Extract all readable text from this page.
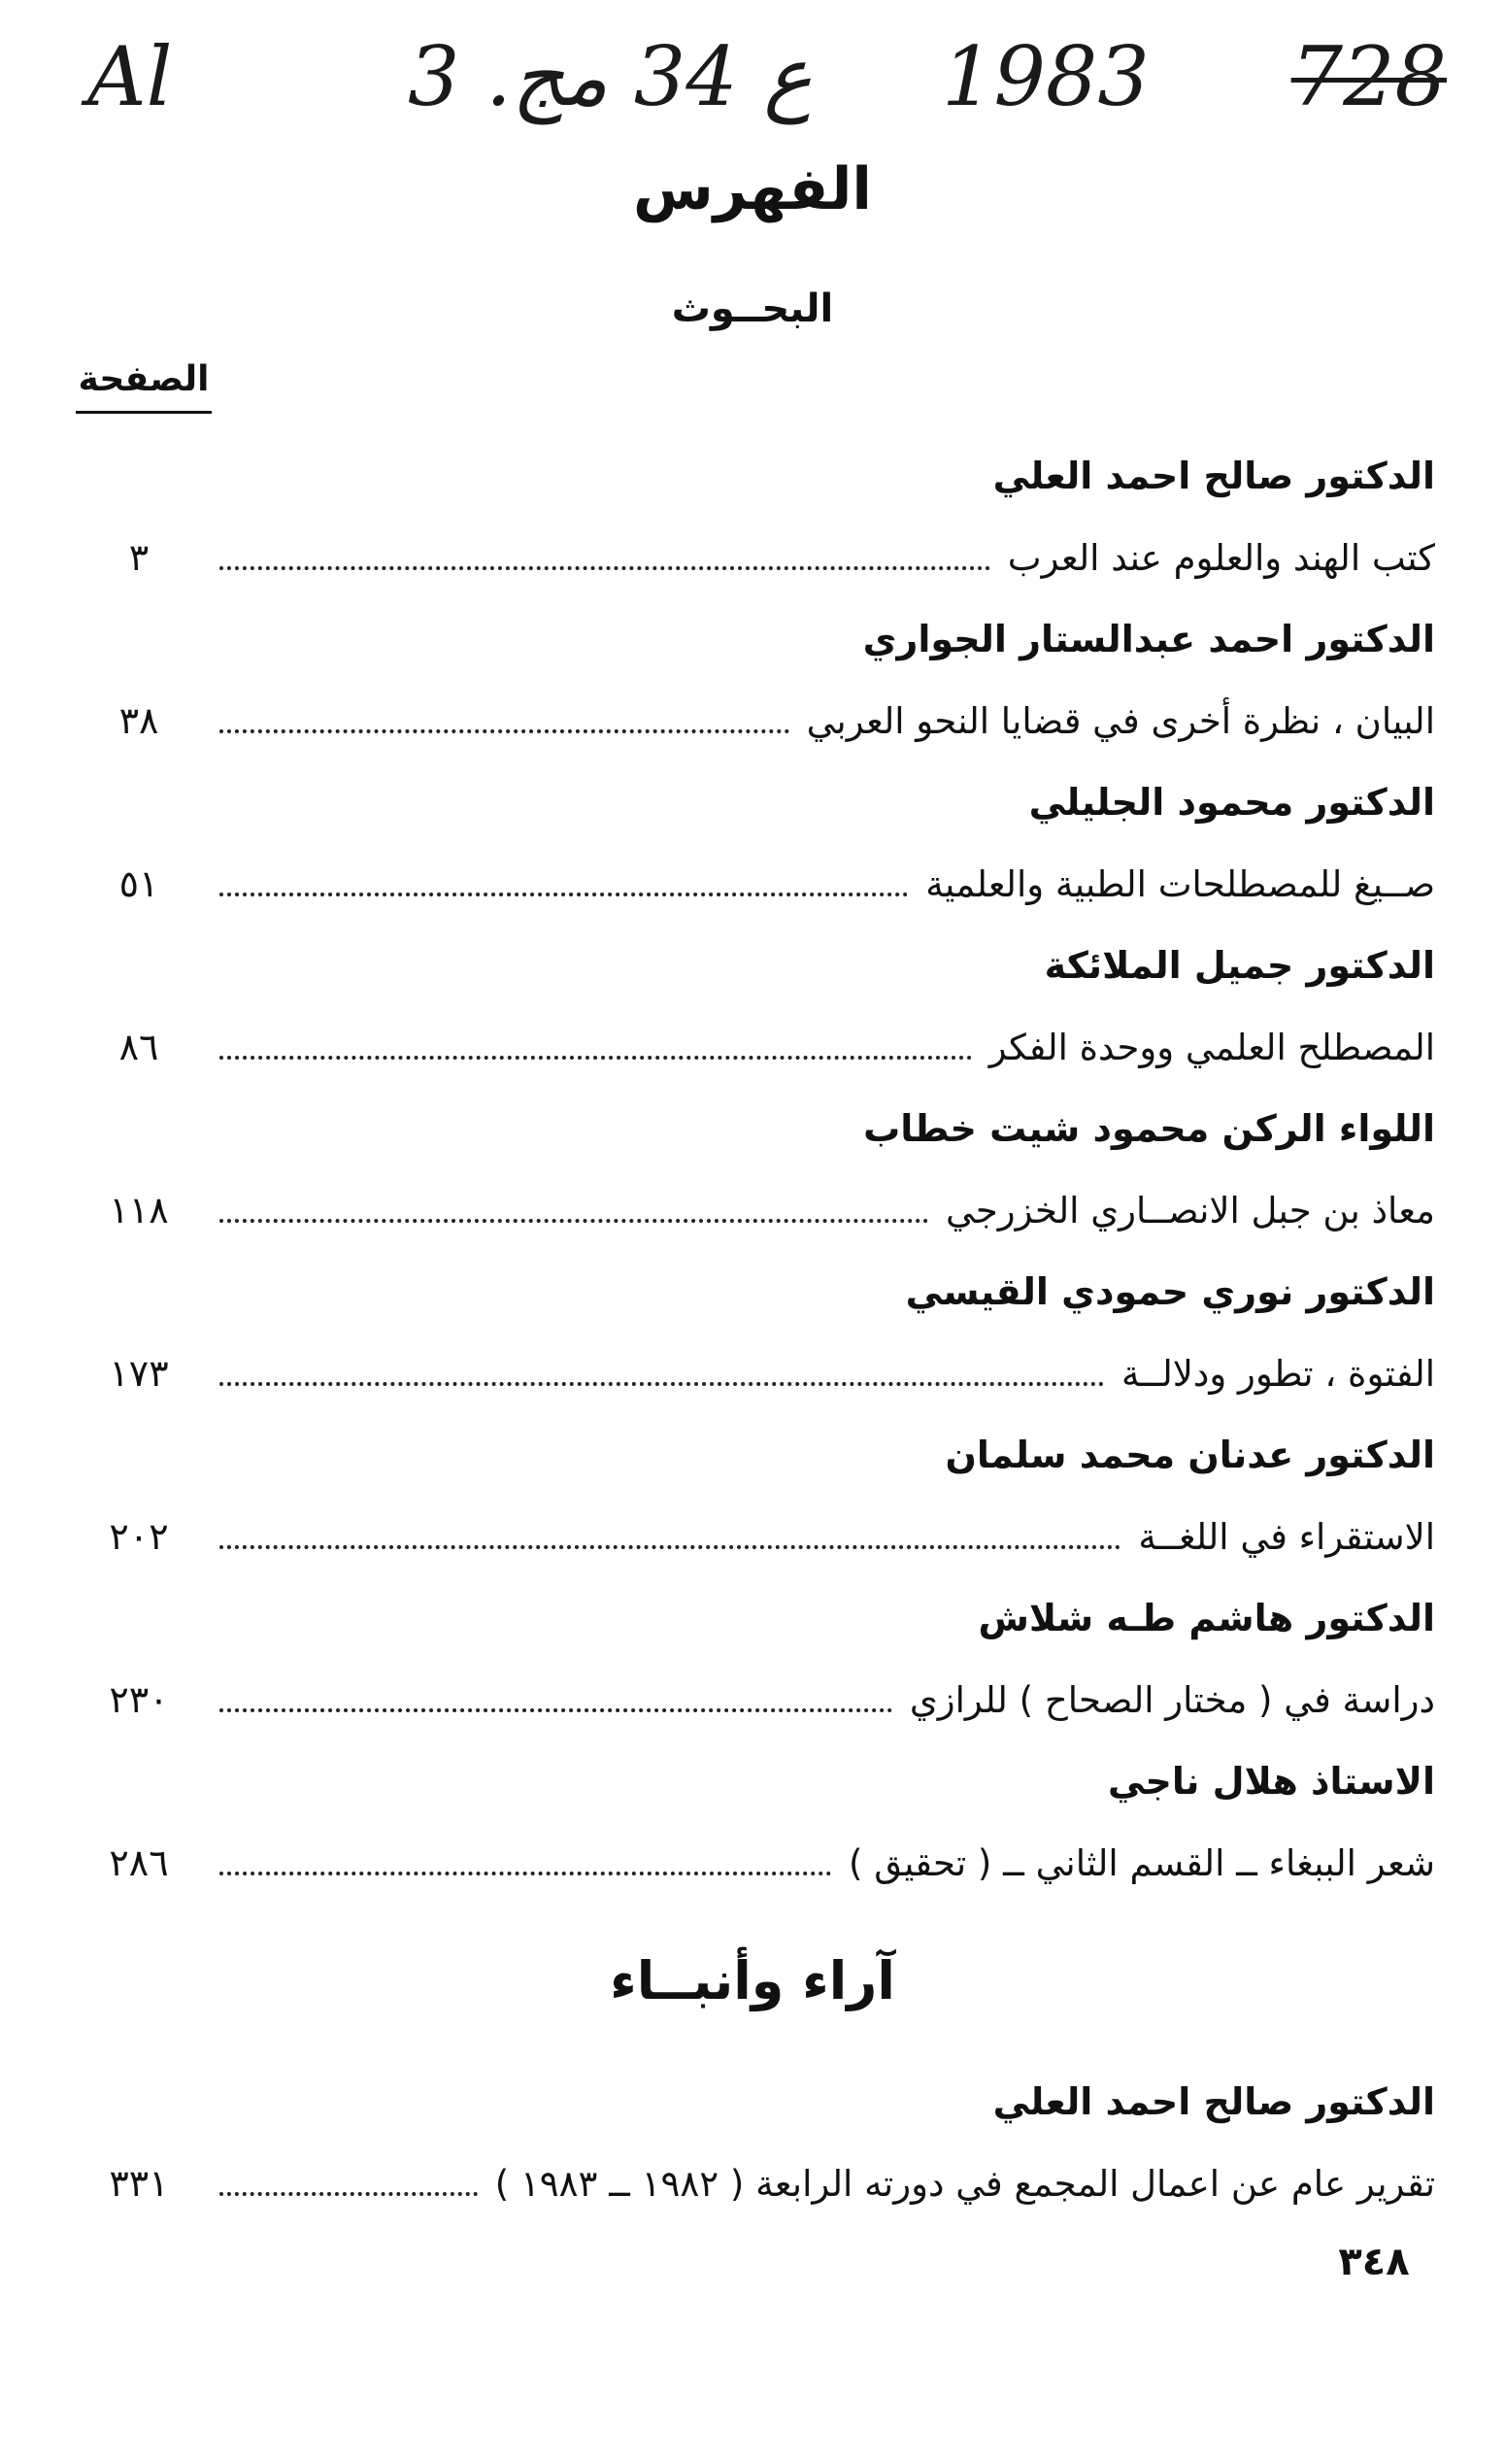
Al	3 .ع 34 مج 1983 728
الفهرس
البحــوث
الصفحة
الدكتور صالح احمد العلي
كتب الهند والعلوم عند العرب
٣
الدكتور احمد عبدالستار الجواري
البيان ، نظرة أخرى في قضايا النحو العربي
٣٨
الدكتور محمود الجليلي
صــيغ للمصطلحات الطبية والعلمية
٥١
الدكتور جميل الملائكة
المصطلح العلمي ووحدة الفكر
٨٦
اللواء الركن محمود شيت خطاب
معاذ بن جبل الانصــاري الخزرجي
١١٨
الدكتور نوري حمودي القيسي
الفتوة ، تطور ودلالــة
١٧٣
الدكتور عدنان محمد سلمان
الاستقراء في اللغــة
٢٠٢
الدكتور هاشم طـه شلاش
دراسة في ( مختار الصحاح ) للرازي
٢٣٠
الاستاذ هلال ناجي
شعر الببغاء ــ القسم الثاني ــ ( تحقيق )
٢٨٦
آراء وأنبــاء
الدكتور صالح احمد العلي
تقرير عام عن اعمال المجمع في دورته الرابعة ( ١٩٨٢ ــ ١٩٨٣ )
٣٣١
٣٤٨
